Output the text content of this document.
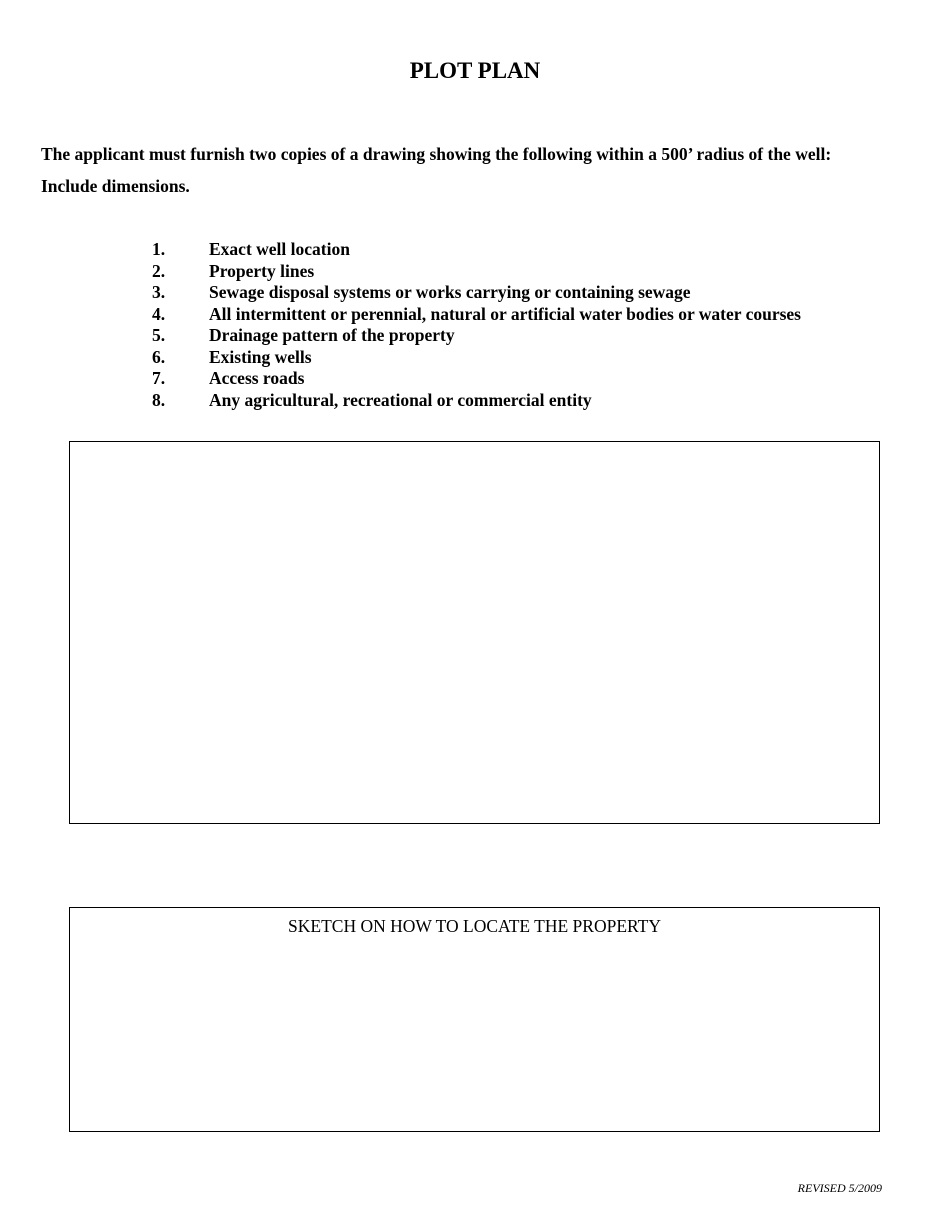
PLOT PLAN
The applicant must furnish two copies of a drawing showing the following within a 500’ radius of the well:
Include dimensions.
1.	Exact well location
2.	Property lines
3.	Sewage disposal systems or works carrying or containing sewage
4.	All intermittent or perennial, natural or artificial water bodies or water courses
5.	Drainage pattern of the property
6.	Existing wells
7.	Access roads
8.	Any agricultural, recreational or commercial entity
SKETCH ON HOW TO LOCATE THE PROPERTY
REVISED 5/2009
